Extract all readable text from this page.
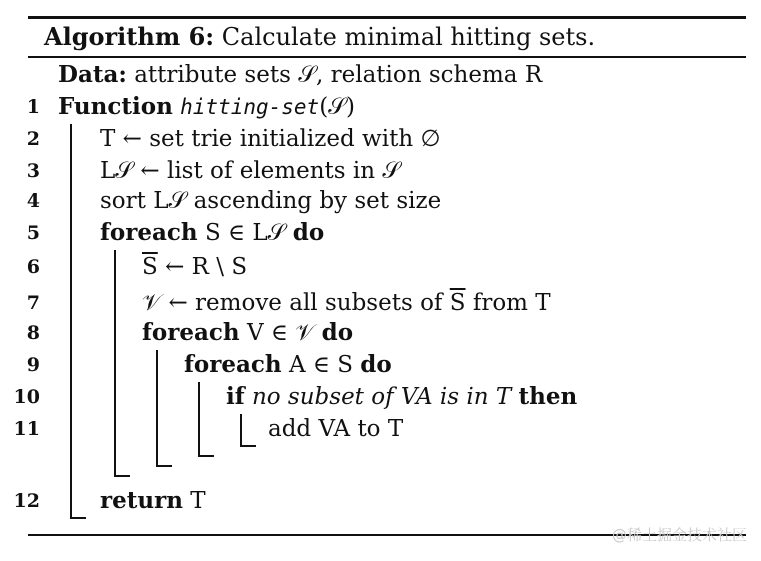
Algorithm 6: Calculate minimal hitting sets.
Data: attribute sets 𝒮, relation schema R
1 Function hitting-set(𝒮)
2	T ← set trie initialized with ∅
3	L𝒮 ← list of elements in 𝒮
4	sort L𝒮 ascending by set size
5	foreach S ∈ L𝒮 do
6	$\overline{S}$ ← R \ S
7	𝒱 ← remove all subsets of $\overline{S}$ from T
8	foreach V ∈ 𝒱 do
9	foreach A ∈ S do
10	if no subset of VA is in T then
11	add VA to T
12	return T
@稀土掘金技术社区
